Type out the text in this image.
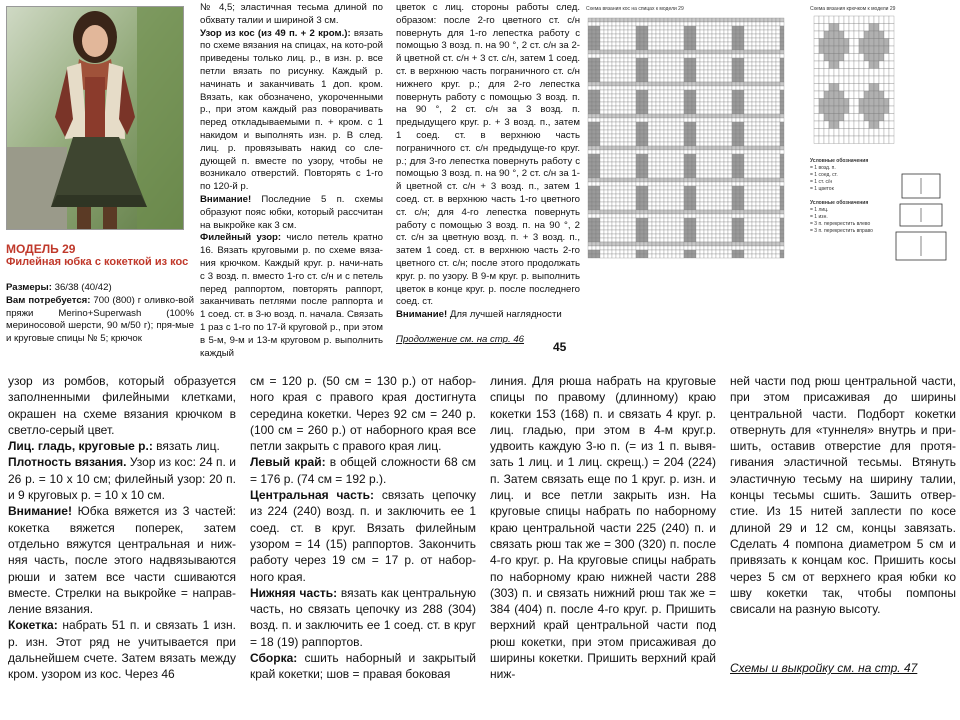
МОДЕЛЬ 29
Филейная юбка с кокеткой из кос

Размеры: 36/38 (40/42)

Вам потребуется: 700 (800) г оливко-вой пряжи Merino+Superwash (100% мериносовой шерсти, 90 м/50 г); пря-мые и круговые спицы № 5; крючок

№ 4,5; эластичная тесьма длиной по обхвату талии и шириной 3 см.

Узор из кос (из 49 п. + 2 кром.): вязать по схеме вязания на спицах, на кото-рой приведены только лиц. р., в изн. р. все петли вязать по рисунку. Каждый р. начинать и заканчивать 1 доп. кром. Вязать, как обозначено, укороченными р., при этом каждый раз поворачивать перед откладываемыми п. + кром. с 1 накидом и выполнять изн. р. В след. лиц. р. провязывать накид со сле-дующей п. вместе по узору, чтобы не возникало отверстий. Повторять с 1-го по 120-й р.

Внимание! Последние 5 п. схемы образуют пояс юбки, который рассчитан на выкройке как 3 см.

Филейный узор: число петель кратно 16. Вязать круговыми р. по схеме вяза-ния крючком. Каждый круг. р. начи-нать с 3 возд. п. вместо 1-го ст. с/н и с петель перед раппортом, повторять раппорт, заканчивать петлями после раппорта и 1 соед. ст. в 3-ю возд. п. начала. Связать 1 раз с 1-го по 17-й круговой р., при этом в 5-м, 9-м и 13-м круговом р. выполнить каждый

цветок с лиц. стороны работы след. образом: после 2-го цветного ст. с/н повернуть для 1-го лепестка работу с помощью 3 возд. п. на 90 °, 2 ст. с/н за 2-й цветной ст. с/н + 3 ст. с/н, затем 1 соед. ст. в верхнюю часть пограничного ст. с/н нижнего круг. р.; для 2-го лепестка повернуть работу с помощью 3 возд. п. на 90 °, 2 ст. с/н за 3 возд. п. предыдущего круг. р. + 3 возд. п., затем 1 соед. ст. в верхнюю часть пограничного ст. с/н предыдуще-го круг. р.; для 3-го лепестка повернуть работу с помощью 3 возд. п. на 90 °, 2 ст. с/н за 1-й цветной ст. с/н + 3 возд. п., затем 1 соед. ст. в верхнюю часть 1-го цветного ст. с/н; для 4-го лепестка повернуть работу с помощью 3 возд. п. на 90 °, 2 ст. с/н за цветную возд. п. + 3 возд. п., затем 1 соед. ст. в верхнюю часть 2-го цветного ст. с/н; после этого продолжать круг. р. по узору. В 9-м круг. р. выполнить цветок в конце круг. р. после последнего соед. ст.

Внимание! Для лучшей наглядности

Продолжение см. на стр. 46
45
Схема вязания кос на спицах к модели 29	Схема вязания крючком к модели 29
Условные обозначения
= 1 возд. п.
= 1 соед. ст.
= 1 ст. с/н
= 1 цветок
Условные обозначения
= 1 лиц.
= 1 изн.
= 3 п. перекрестить влево
= 3 п. перекрестить вправо

узор из ромбов, который образуется заполненными филейными клетками, окрашен на схеме вязания крючком в светло-серый цвет.

Лиц. гладь, круговые р.: вязать лиц.

Плотность вязания. Узор из кос: 24 п. и 26 р. = 10 х 10 см; филейный узор: 20 п. и 9 круговых р. = 10 х 10 см.

Внимание! Юбка вяжется из 3 частей: кокетка вяжется поперек, затем отдельно вяжутся центральная и ниж-няя часть, после этого надвязываются рюши и затем все части сшиваются вместе. Стрелки на выкройке = направ-ление вязания.

Кокетка: набрать 51 п. и связать 1 изн. р. изн. Этот ряд не учитывается при дальнейшем счете. Затем вязать между кром. узором из кос. Через 46

см = 120 р. (50 см = 130 р.) от набор-ного края с правого края достигнута середина кокетки. Через 92 см = 240 р. (100 см = 260 р.) от наборного края все петли закрыть с правого края лиц.

Левый край: в общей сложности 68 см = 176 р. (74 см = 192 р.).

Центральная часть: связать цепочку из 224 (240) возд. п. и заключить ее 1 соед. ст. в круг. Вязать филейным узором = 14 (15) раппортов. Закончить работу через 19 см = 17 р. от набор-ного края.

Нижняя часть: вязать как центральную часть, но связать цепочку из 288 (304) возд. п. и заключить ее 1 соед. ст. в круг = 18 (19) раппортов.

Сборка: сшить наборный и закрытый край кокетки; шов = правая боковая

линия. Для рюша набрать на круговые спицы по правому (длинному) краю кокетки 153 (168) п. и связать 4 круг. р. лиц. гладью, при этом в 4-м круг.р. удвоить каждую 3-ю п. (= из 1 п. вывя-зать 1 лиц. и 1 лиц. скрещ.) = 204 (224) п. Затем связать еще по 1 круг. р. изн. и лиц. и все петли закрыть изн. На круговые спицы набрать по наборному краю центральной части 225 (240) п. и связать рюш так же = 300 (320) п. после 4-го круг. р. На круговые спицы набрать по наборному краю нижней части 288 (303) п. и связать нижний рюш так же = 384 (404) п. после 4-го круг. р. Пришить верхний край центральной части под рюш кокетки, при этом присаживая до ширины кокетки. Пришить верхний край ниж-

ней части под рюш центральной части, при этом присаживая до ширины центральной части. Подборт кокетки отвернуть для «туннеля» внутрь и при-шить, оставив отверстие для протя-гивания эластичной тесьмы. Втянуть эластичную тесьму на ширину талии, концы тесьмы сшить. Зашить отвер-стие. Из 15 нитей заплести по косе длиной 29 и 12 см, концы завязать. Сделать 4 помпона диаметром 5 см и привязать к концам кос. Пришить косы через 5 см от верхнего края юбки ко шву кокетки так, чтобы помпоны свисали на разную высоту.

Схемы и выкройку см. на стр. 47
